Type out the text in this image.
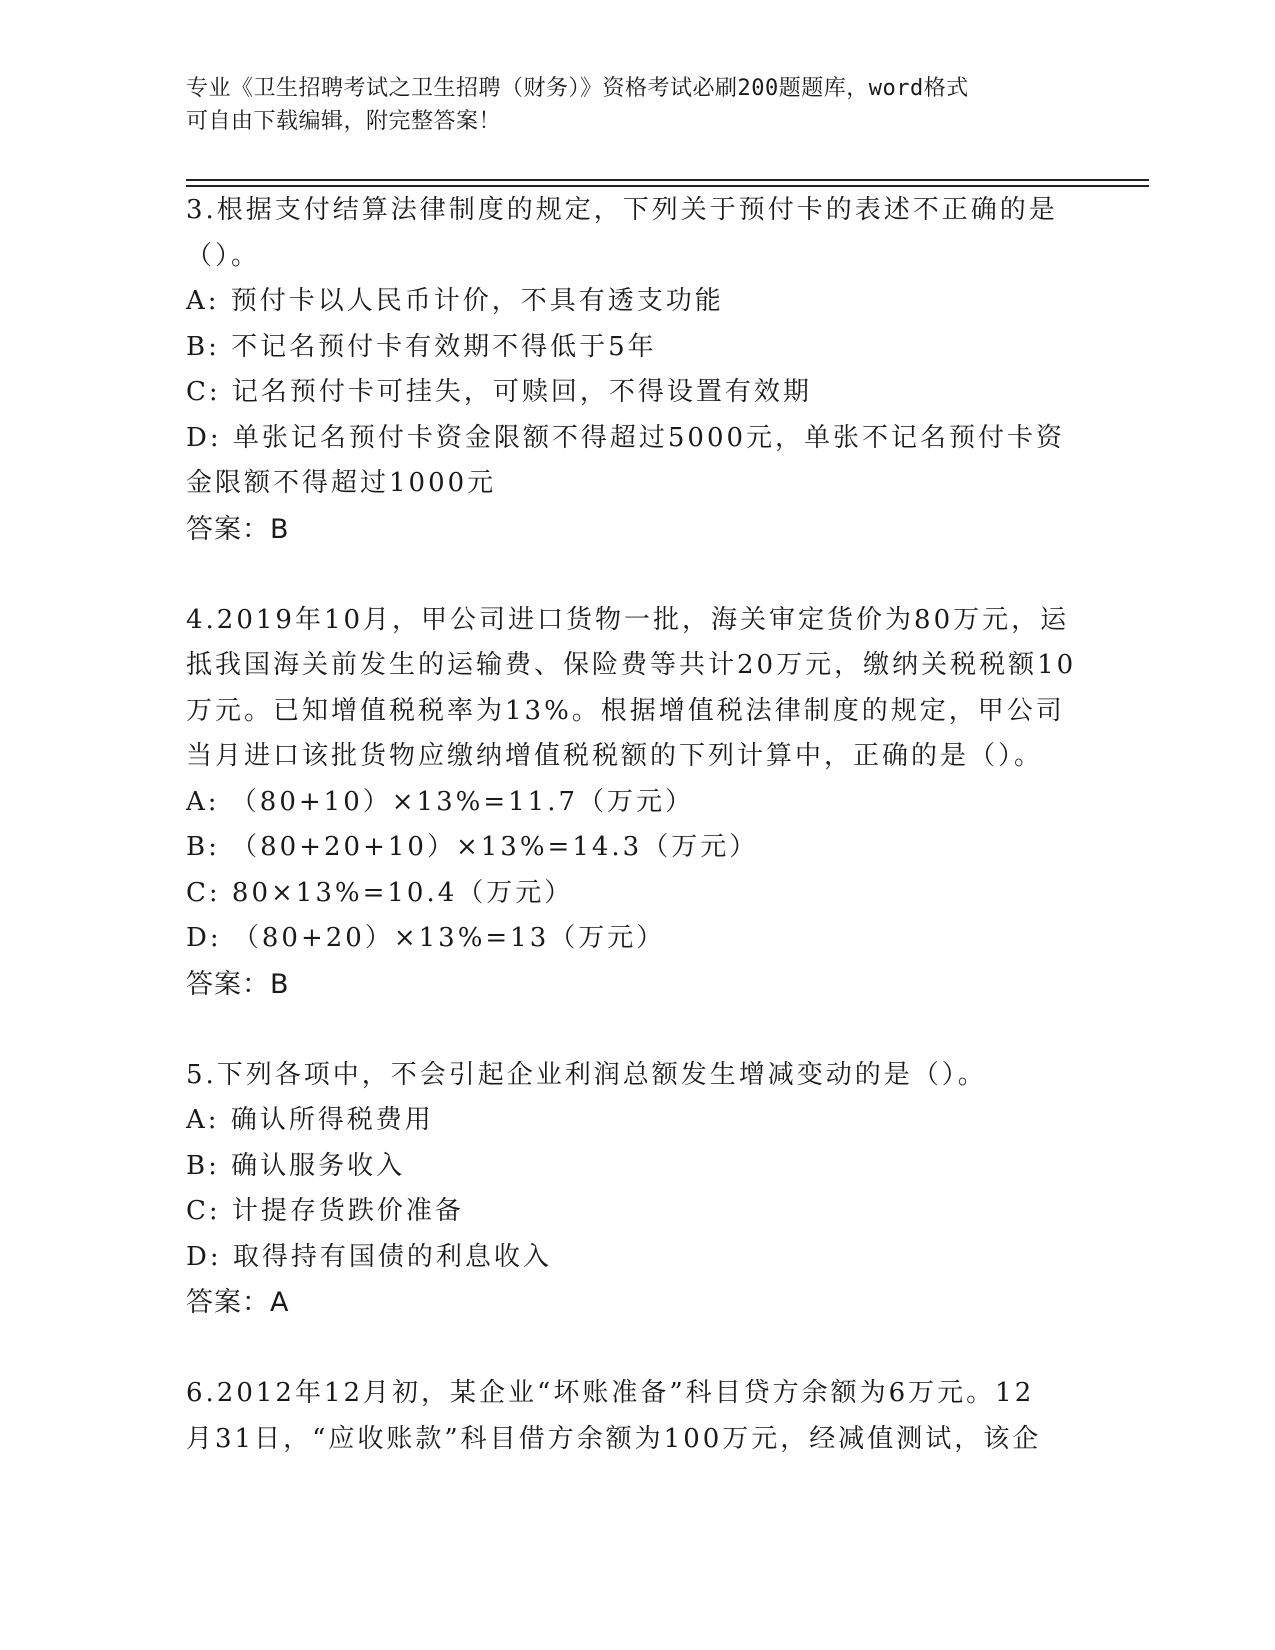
专业《卫生招聘考试之卫生招聘（财务）》资格考试必刷200题题库，word格式
可自由下载编辑，附完整答案！
3.根据支付结算法律制度的规定，下列关于预付卡的表述不正确的是
（）。
A: 预付卡以人民币计价，不具有透支功能
B: 不记名预付卡有效期不得低于5年
C: 记名预付卡可挂失，可赎回，不得设置有效期
D: 单张记名预付卡资金限额不得超过5000元，单张不记名预付卡资
金限额不得超过1000元
答案：B
4.2019年10月，甲公司进口货物一批，海关审定货价为80万元，运
抵我国海关前发生的运输费、保险费等共计20万元，缴纳关税税额10
万元。已知增值税税率为13%。根据增值税法律制度的规定，甲公司
当月进口该批货物应缴纳增值税税额的下列计算中，正确的是（）。
A: （80+10）×13%=11.7（万元）
B: （80+20+10）×13%=14.3（万元）
C: 80×13%=10.4（万元）
D: （80+20）×13%=13（万元）
答案：B
5.下列各项中，不会引起企业利润总额发生增减变动的是（）。
A: 确认所得税费用
B: 确认服务收入
C: 计提存货跌价准备
D: 取得持有国债的利息收入
答案：A
6.2012年12月初，某企业“坏账准备”科目贷方余额为6万元。12
月31日，“应收账款”科目借方余额为100万元，经减值测试，该企
